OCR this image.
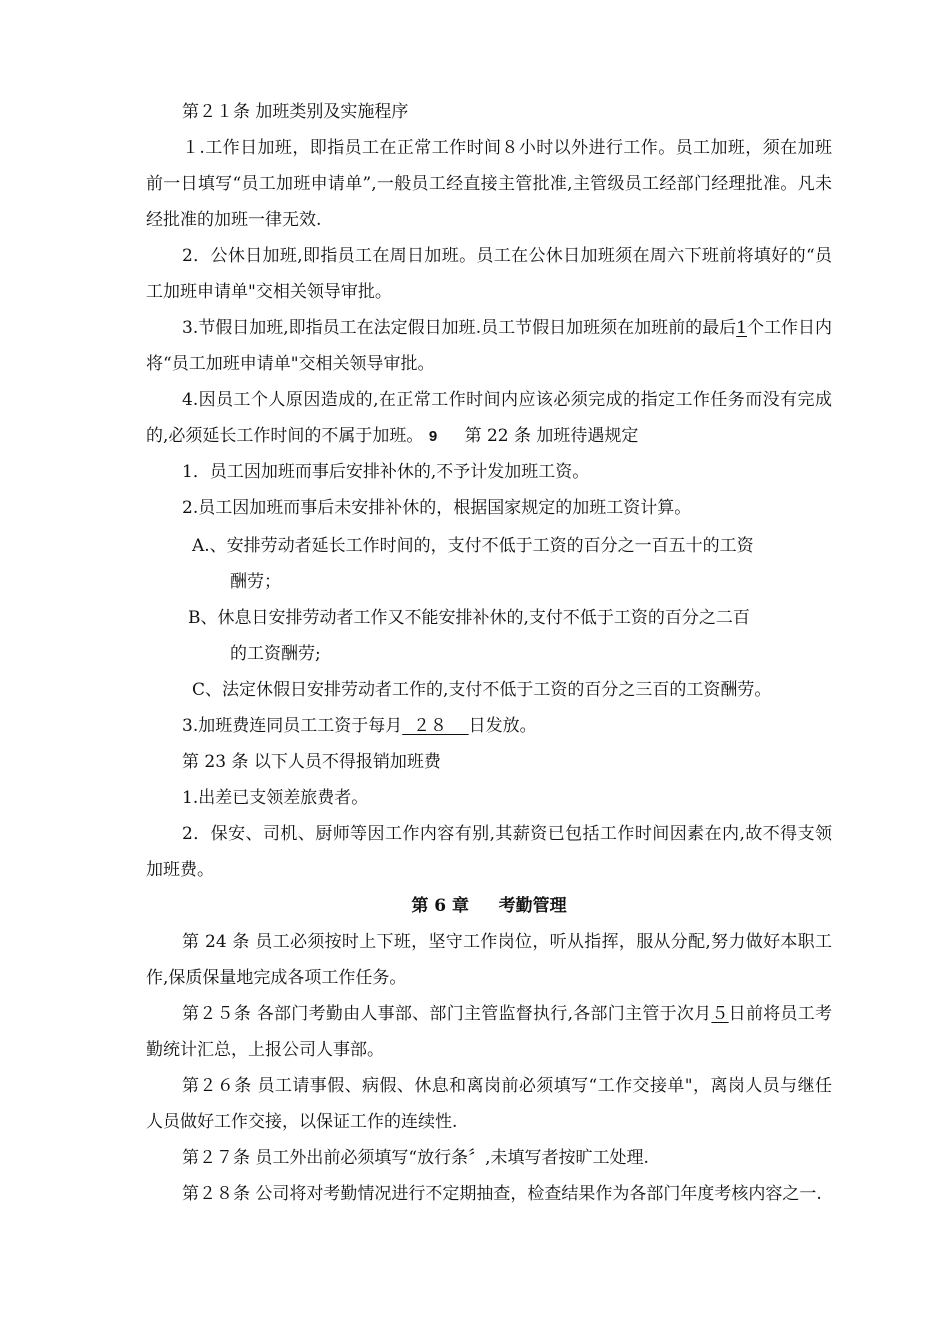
第２１条 加班类别及实施程序
１.工作日加班，即指员工在正常工作时间８小时以外进行工作。员工加班，须在加班前一日填写“员工加班申请单”,一般员工经直接主管批准,主管级员工经部门经理批准。凡未经批准的加班一律无效.
2．公休日加班,即指员工在周日加班。员工在公休日加班须在周六下班前将填好的“员工加班申请单"交相关领导审批。
3.节假日加班,即指员工在法定假日加班.员工节假日加班须在加班前的最后1个工作日内将“员工加班申请单"交相关领导审批。
4.因员工个人原因造成的,在正常工作时间内应该必须完成的指定工作任务而没有完成的,必须延长工作时间的不属于加班。 9 第 22 条 加班待遇规定
1．员工因加班而事后安排补休的,不予计发加班工资。
2.员工因加班而事后未安排补休的，根据国家规定的加班工资计算。
A.、安排劳动者延长工作时间的，支付不低于工资的百分之一百五十的工资
酬劳；
B、休息日安排劳动者工作又不能安排补休的,支付不低于工资的百分之二百
的工资酬劳;
C、法定休假日安排劳动者工作的,支付不低于工资的百分之三百的工资酬劳。
3.加班费连同员工工资于每月  ２８    日发放。
第 23 条 以下人员不得报销加班费
1.出差已支领差旅费者。
2．保安、司机、厨师等因工作内容有别,其薪资已包括工作时间因素在内,故不得支领加班费。
第 6 章     考勤管理
第 24 条 员工必须按时上下班，坚守工作岗位，听从指挥，服从分配,努力做好本职工作,保质保量地完成各项工作任务。
第２５条 各部门考勤由人事部、部门主管监督执行,各部门主管于次月５日前将员工考勤统计汇总，上报公司人事部。
第２６条 员工请事假、病假、休息和离岗前必须填写“工作交接单"，离岗人员与继任人员做好工作交接，以保证工作的连续性.
第２７条 员工外出前必须填写“放行条〞,未填写者按旷工处理.
第２８条 公司将对考勤情况进行不定期抽查，检查结果作为各部门年度考核内容之一.
